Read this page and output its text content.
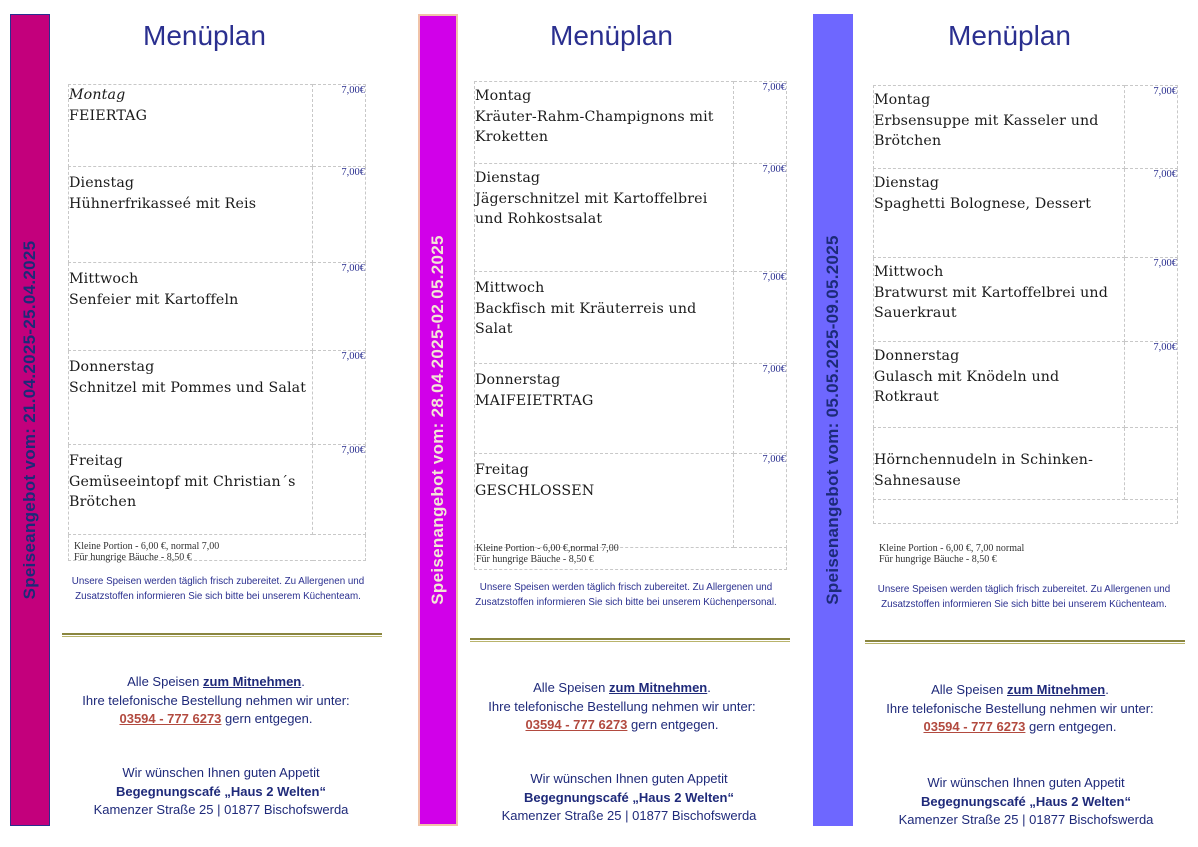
Speiseangebot vom: 21.04.2025-25.04.2025
Menüplan
Montag
FEIERTAG	7,00€

Dienstag
Hühnerfrikasseé mit Reis	7,00€

Mittwoch
Senfeier mit Kartoffeln	7,00€

Donnerstag
Schnitzel mit Pommes und Salat	7,00€

Freitag
Gemüseeintopf mit Christian´s Brötchen	7,00€

Kleine Portion - 6,00 €, normal 7,00
Für hungrige Bäuche - 8,50 €
Unsere Speisen werden täglich frisch zubereitet. Zu Allergenen und Zusatzstoffen informieren Sie sich bitte bei unserem Küchenteam.
Alle Speisen zum Mitnehmen.
Ihre telefonische Bestellung nehmen wir unter:
03594 - 777 6273 gern entgegen.
Wir wünschen Ihnen guten Appetit
Begegnungscafé „Haus 2 Welten“
Kamenzer Straße 25 | 01877 Bischofswerda
Speisenangebot vom: 28.04.2025-02.05.2025
Menüplan
Montag
Kräuter-Rahm-Champignons mit Kroketten	7,00€

Dienstag
Jägerschnitzel mit Kartoffelbrei und Rohkostsalat	7,00€

Mittwoch
Backfisch mit Kräuterreis und Salat	7,00€

Donnerstag
MAIFEIETRTAG	7,00€

Freitag
GESCHLOSSEN	7,00€

Kleine Portion - 6,00 €,normal 7,00
Für hungrige Bäuche - 8,50 €
Unsere Speisen werden täglich frisch zubereitet. Zu Allergenen und Zusatzstoffen informieren Sie sich bitte bei unserem Küchenpersonal.
Alle Speisen zum Mitnehmen.
Ihre telefonische Bestellung nehmen wir unter:
03594 - 777 6273 gern entgegen.
Wir wünschen Ihnen guten Appetit
Begegnungscafé „Haus 2 Welten“
Kamenzer Straße 25 | 01877 Bischofswerda
Speisenangebot vom: 05.05.2025-09.05.2025
Menüplan
Montag
Erbsensuppe mit Kasseler und Brötchen	7,00€

Dienstag
Spaghetti Bolognese, Dessert	7,00€

Mittwoch
Bratwurst mit Kartoffelbrei und Sauerkraut	7,00€

Donnerstag
Gulasch mit Knödeln und Rotkraut	7,00€

Hörnchennudeln in Schinken-Sahnesause	

Kleine Portion - 6,00 €, 7,00 normal
Für hungrige Bäuche - 8,50 €
Unsere Speisen werden täglich frisch zubereitet. Zu Allergenen und Zusatzstoffen informieren Sie sich bitte bei unserem Küchenteam.
Alle Speisen zum Mitnehmen.
Ihre telefonische Bestellung nehmen wir unter:
03594 - 777 6273 gern entgegen.
Wir wünschen Ihnen guten Appetit
Begegnungscafé „Haus 2 Welten“
Kamenzer Straße 25 | 01877 Bischofswerda
